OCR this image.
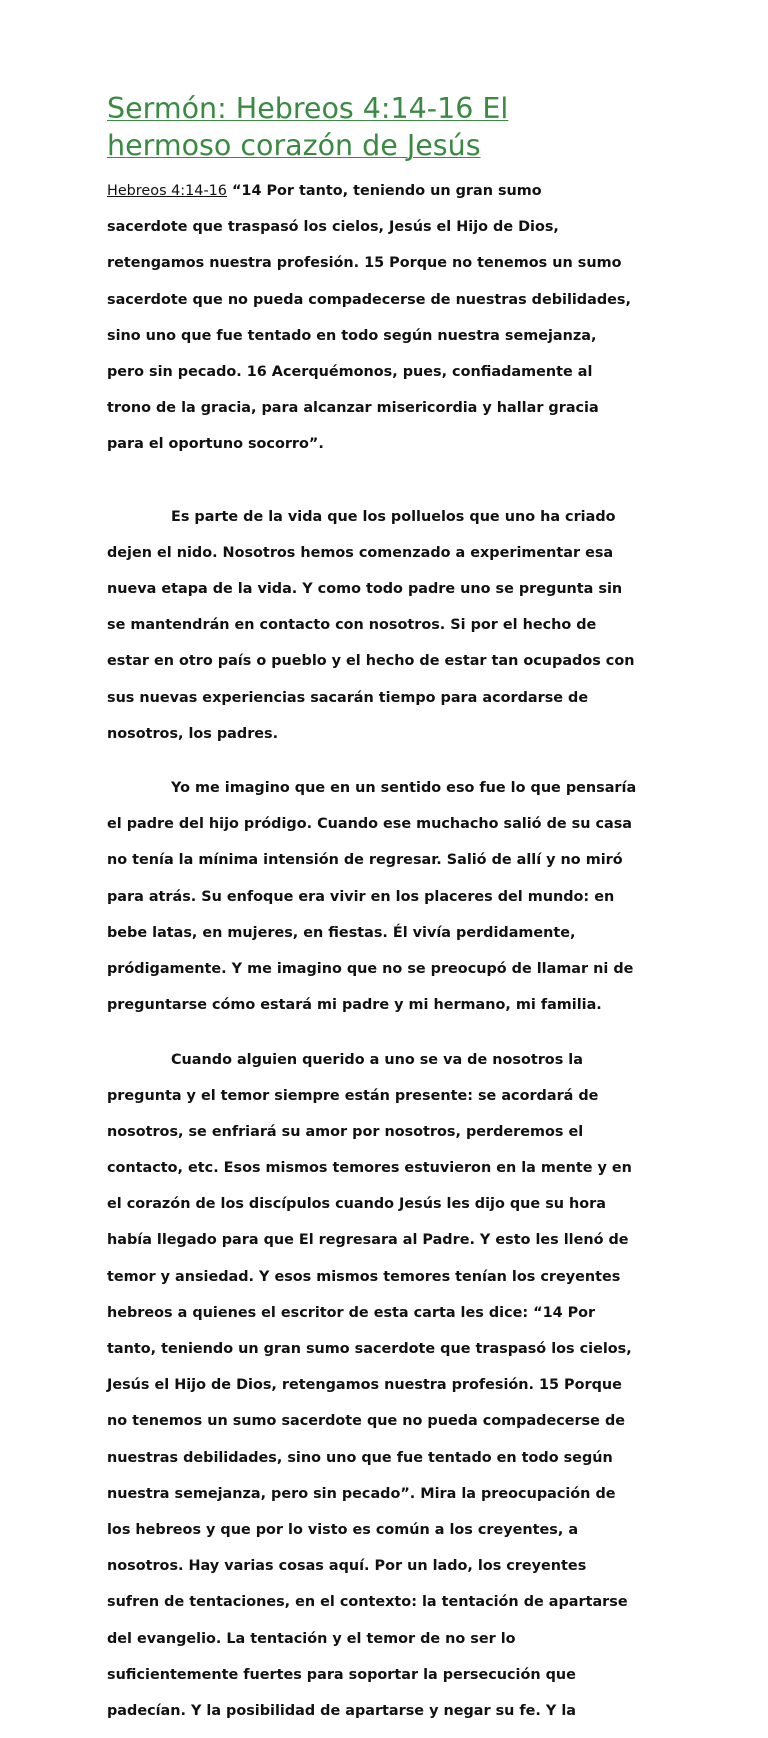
Sermón: Hebreos 4:14-16 El
hermoso corazón de Jesús

Hebreos 4:14-16 “14 Por tanto, teniendo un gran sumo

sacerdote que traspasó los cielos, Jesús el Hijo de Dios,

retengamos nuestra profesión. 15 Porque no tenemos un sumo

sacerdote que no pueda compadecerse de nuestras debilidades,

sino uno que fue tentado en todo según nuestra semejanza,

pero sin pecado. 16 Acerquémonos, pues, confiadamente al

trono de la gracia, para alcanzar misericordia y hallar gracia

para el oportuno socorro”.

Es parte de la vida que los polluelos que uno ha criado

dejen el nido. Nosotros hemos comenzado a experimentar esa

nueva etapa de la vida. Y como todo padre uno se pregunta sin

se mantendrán en contacto con nosotros. Si por el hecho de

estar en otro país o pueblo y el hecho de estar tan ocupados con

sus nuevas experiencias sacarán tiempo para acordarse de

nosotros, los padres.

Yo me imagino que en un sentido eso fue lo que pensaría

el padre del hijo pródigo. Cuando ese muchacho salió de su casa

no tenía la mínima intensión de regresar. Salió de allí y no miró

para atrás. Su enfoque era vivir en los placeres del mundo: en

bebe latas, en mujeres, en fiestas. Él vivía perdidamente,

pródigamente. Y me imagino que no se preocupó de llamar ni de

preguntarse cómo estará mi padre y mi hermano, mi familia.

Cuando alguien querido a uno se va de nosotros la

pregunta y el temor siempre están presente: se acordará de

nosotros, se enfriará su amor por nosotros, perderemos el

contacto, etc. Esos mismos temores estuvieron en la mente y en

el corazón de los discípulos cuando Jesús les dijo que su hora

había llegado para que El regresara al Padre. Y esto les llenó de

temor y ansiedad. Y esos mismos temores tenían los creyentes

hebreos a quienes el escritor de esta carta les dice: “14 Por

tanto, teniendo un gran sumo sacerdote que traspasó los cielos,

Jesús el Hijo de Dios, retengamos nuestra profesión. 15 Porque

no tenemos un sumo sacerdote que no pueda compadecerse de

nuestras debilidades, sino uno que fue tentado en todo según

nuestra semejanza, pero sin pecado”. Mira la preocupación de

los hebreos y que por lo visto es común a los creyentes, a

nosotros. Hay varias cosas aquí. Por un lado, los creyentes

sufren de tentaciones, en el contexto: la tentación de apartarse

del evangelio. La tentación y el temor de no ser lo

suficientemente fuertes para soportar la persecución que

padecían. Y la posibilidad de apartarse y negar su fe. Y la
